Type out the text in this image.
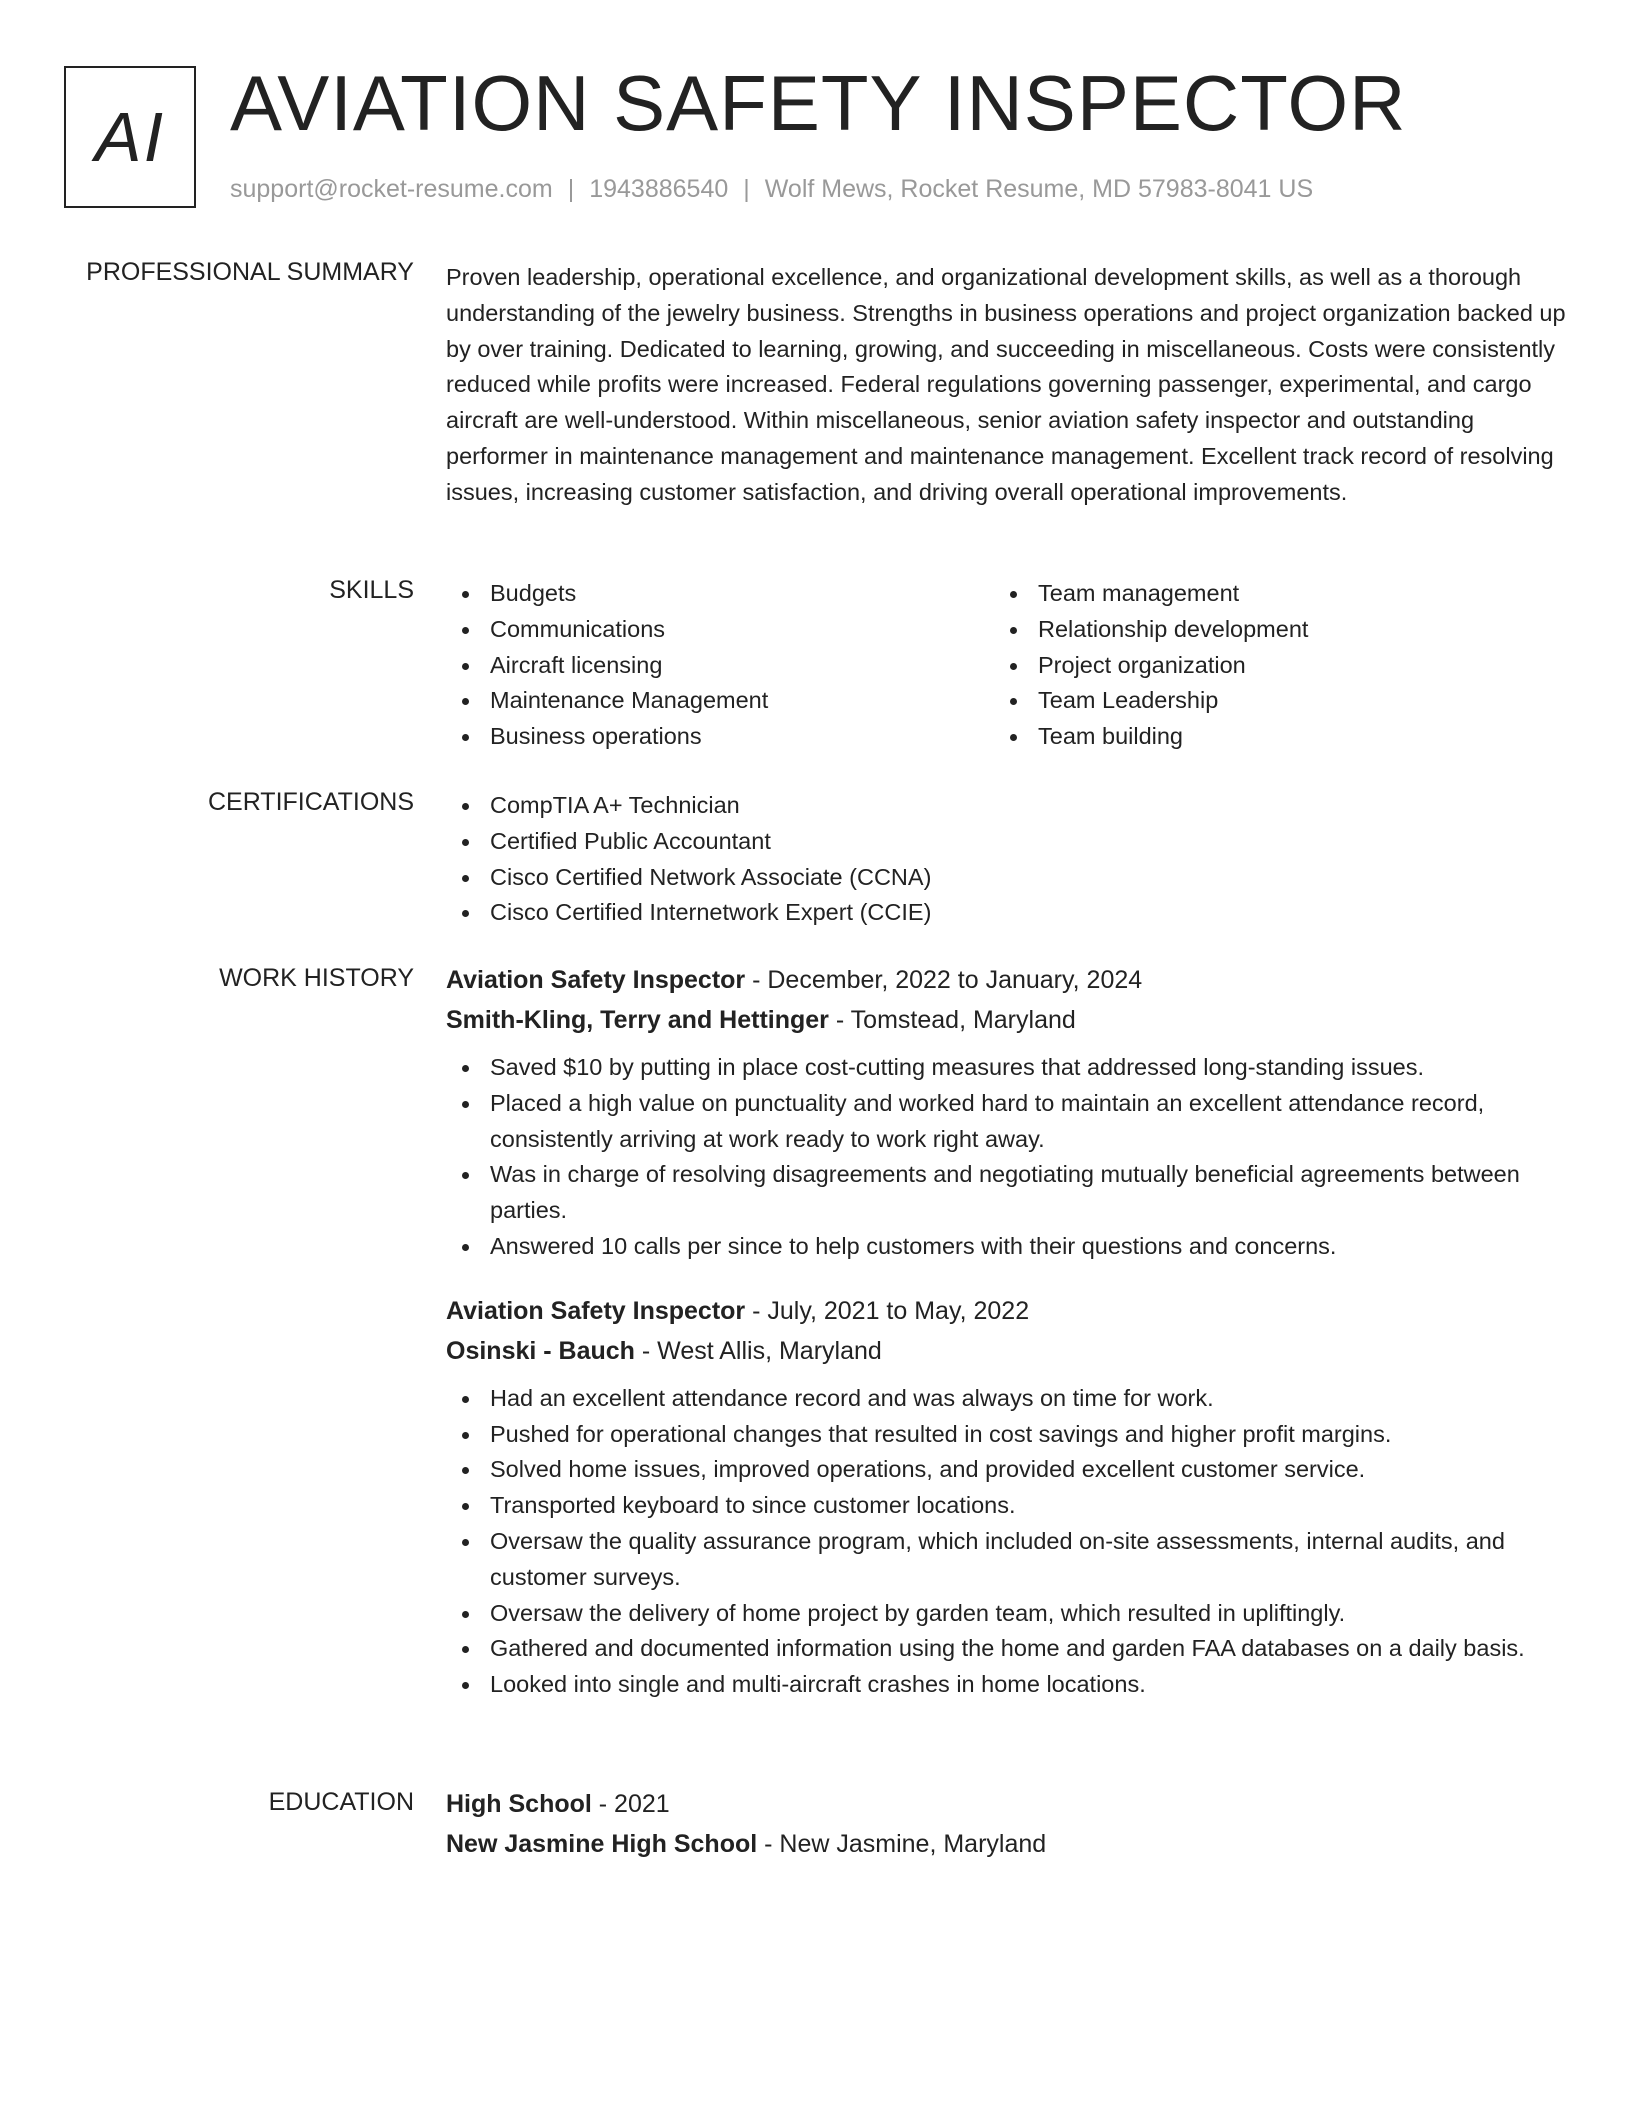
AI AVIATION SAFETY INSPECTOR
support@rocket-resume.com | 1943886540 | Wolf Mews, Rocket Resume, MD 57983-8041 US
PROFESSIONAL SUMMARY Proven leadership, operational excellence, and organizational development skills, as well as a thorough understanding of the jewelry business. Strengths in business operations and project organization backed up by over training. Dedicated to learning, growing, and succeeding in miscellaneous. Costs were consistently reduced while profits were increased. Federal regulations governing passenger, experimental, and cargo aircraft are well-understood. Within miscellaneous, senior aviation safety inspector and outstanding performer in maintenance management and maintenance management. Excellent track record of resolving issues, increasing customer satisfaction, and driving overall operational improvements.
SKILLS	Budgets
Communications
Aircraft licensing
Maintenance Management
Business operations
Team management
Relationship development
Project organization
Team Leadership
Team building
CERTIFICATIONS	CompTIA A+ Technician
Certified Public Accountant
Cisco Certified Network Associate (CCNA)
Cisco Certified Internetwork Expert (CCIE)
WORK HISTORY Aviation Safety Inspector - December, 2022 to January, 2024
Smith-Kling, Terry and Hettinger - Tomstead, Maryland
Saved $10 by putting in place cost-cutting measures that addressed long-standing issues.
Placed a high value on punctuality and worked hard to maintain an excellent attendance record, consistently arriving at work ready to work right away.
Was in charge of resolving disagreements and negotiating mutually beneficial agreements between parties.
Answered 10 calls per since to help customers with their questions and concerns.
Aviation Safety Inspector - July, 2021 to May, 2022
Osinski - Bauch - West Allis, Maryland
Had an excellent attendance record and was always on time for work.
Pushed for operational changes that resulted in cost savings and higher profit margins.
Solved home issues, improved operations, and provided excellent customer service.
Transported keyboard to since customer locations.
Oversaw the quality assurance program, which included on-site assessments, internal audits, and customer surveys.
Oversaw the delivery of home project by garden team, which resulted in upliftingly.
Gathered and documented information using the home and garden FAA databases on a daily basis.
Looked into single and multi-aircraft crashes in home locations.
EDUCATION High School - 2021
New Jasmine High School - New Jasmine, Maryland
